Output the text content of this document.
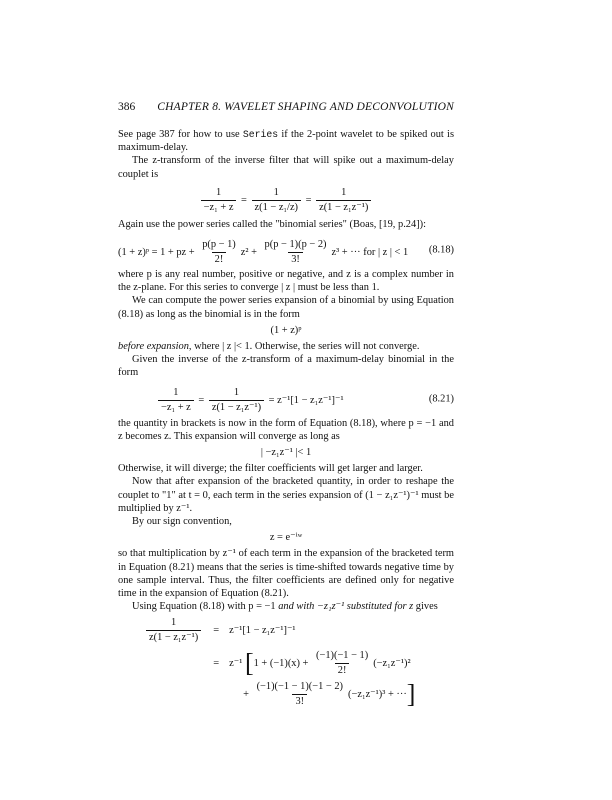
386 CHAPTER 8. WAVELET SHAPING AND DECONVOLUTION

See page 387 for how to use Series if the 2-point wavelet to be spiked out is maximum-delay.

The z-transform of the inverse filter that will spike out a maximum-delay couplet is

$\frac{1}{\text{−z₁ + z}} = \frac{1}{\text{z(1 − z₁/z)}} = \frac{1}{\text{z(1 − z₁z⁻¹)}}$

Again use the power series called the "binomial series" (Boas, [19, p.24]):

(1 + z)ᵖ = 1 + pz + $\frac{p(p - 1)}{2!} z^2 + \frac{p(p - 1)(p - 2)}{3!} z^3$ + ··· for | z | < 1 (8.18)

where p is any real number, positive or negative, and z is a complex number in the z-plane. For this series to converge | z | must be less than 1.

We can compute the power series expansion of a binomial by using Equation (8.18) as long as the binomial is in the form

(1 + z)ᵖ

before expansion, where | z |< 1. Otherwise, the series will not converge.

Given the inverse of the z-transform of a maximum-delay binomial in the form

$\frac{1}{\text{−z₁ + z}} = \frac{1}{\text{z(1 − z₁z⁻¹)}} = z^{-1}[1 - z_1z^{-1}]^{-1}$	(8.21)

the quantity in brackets is now in the form of Equation (8.18), where p = −1 and z becomes z. This expansion will converge as long as

| −z₁z⁻¹ |< 1

Otherwise, it will diverge; the filter coefficients will get larger and larger.

Now that after expansion of the bracketed quantity, in order to reshape the couplet to "1" at t = 0, each term in the series expansion of (1 − z₁z⁻¹)⁻¹ must be multiplied by z⁻¹.

By our sign convention,

z = e⁻ⁱʷ

so that multiplication by z⁻¹ of each term in the expansion of the bracketed term in Equation (8.21) means that the series is time-shifted towards negative time by one sample interval. Thus, the filter coefficients are defined only for negative time in the expansion of Equation (8.21).

Using Equation (8.18) with p = −1 and with −z₁z⁻¹ substituted for z gives

$\frac{1}{\text{z(1 − z₁z⁻¹)}}$	=	z⁻¹[1 − z₁z⁻¹]⁻¹
	=	z⁻¹ [$1 + (-1)(x) + \frac{(-1)(-1 - 1)}{2!} (-z_1z^{-1})^2$
		+ $\frac{(-1)(-1 - 1)(-1 - 2)}{3!} (-z_1z^{-1})^3$ + ···]
